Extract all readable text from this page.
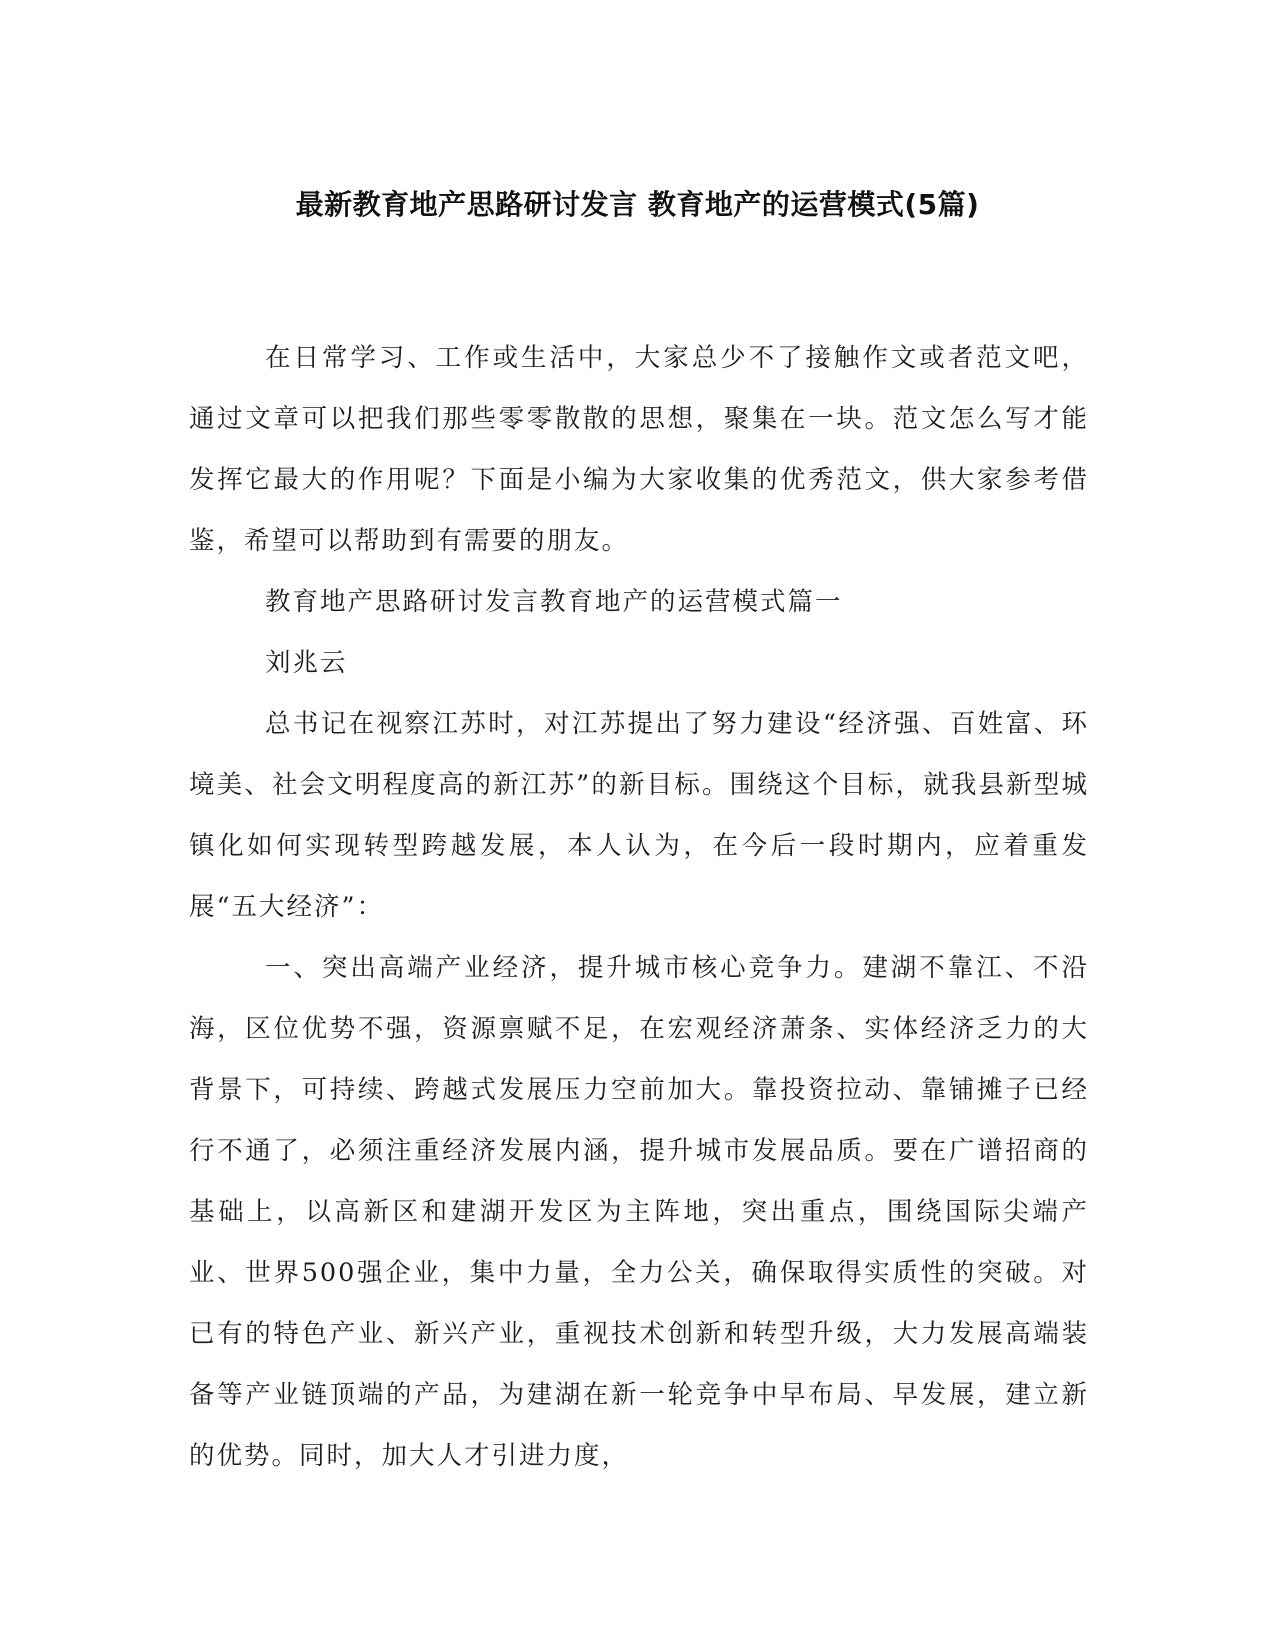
最新教育地产思路研讨发言 教育地产的运营模式(5篇)

在日常学习、工作或生活中，大家总少不了接触作文或者范文吧，通过文章可以把我们那些零零散散的思想，聚集在一块。范文怎么写才能发挥它最大的作用呢？下面是小编为大家收集的优秀范文，供大家参考借鉴，希望可以帮助到有需要的朋友。

教育地产思路研讨发言教育地产的运营模式篇一

刘兆云

总书记在视察江苏时，对江苏提出了努力建设“经济强、百姓富、环境美、社会文明程度高的新江苏”的新目标。围绕这个目标，就我县新型城镇化如何实现转型跨越发展，本人认为，在今后一段时期内，应着重发展“五大经济”：

一、突出高端产业经济，提升城市核心竞争力。建湖不靠江、不沿海，区位优势不强，资源禀赋不足，在宏观经济萧条、实体经济乏力的大背景下，可持续、跨越式发展压力空前加大。靠投资拉动、靠铺摊子已经行不通了，必须注重经济发展内涵，提升城市发展品质。要在广谱招商的基础上，以高新区和建湖开发区为主阵地，突出重点，围绕国际尖端产业、世界500强企业，集中力量，全力公关，确保取得实质性的突破。对已有的特色产业、新兴产业，重视技术创新和转型升级，大力发展高端装备等产业链顶端的产品，为建湖在新一轮竞争中早布局、早发展，建立新的优势。同时，加大人才引进力度，
